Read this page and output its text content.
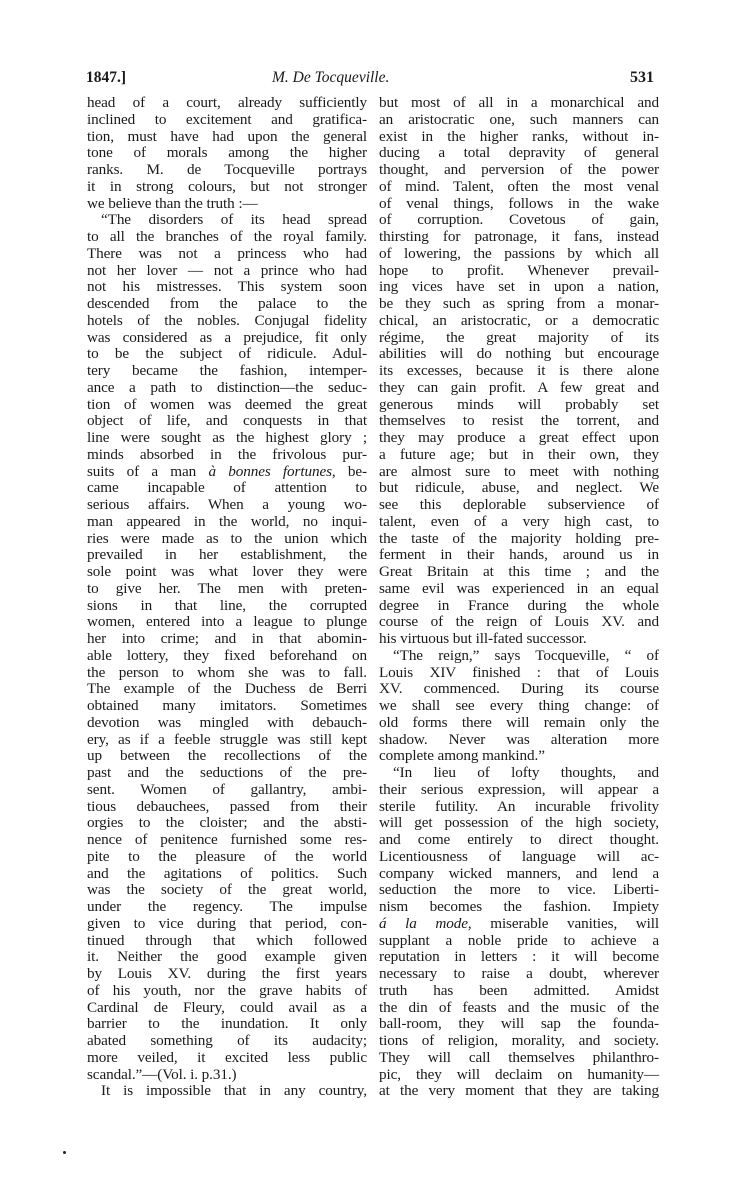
1847.]	M. De Tocqueville.	531
head of a court, already sufficiently
inclined to excitement and gratifica-
tion, must have had upon the general
tone of morals among the higher
ranks. M. de Tocqueville portrays
it in strong colours, but not stronger
we believe than the truth :—
“The disorders of its head spread
to all the branches of the royal family.
There was not a princess who had
not her lover — not a prince who had
not his mistresses. This system soon
descended from the palace to the
hotels of the nobles. Conjugal fidelity
was considered as a prejudice, fit only
to be the subject of ridicule. Adul-
tery became the fashion, intemper-
ance a path to distinction—the seduc-
tion of women was deemed the great
object of life, and conquests in that
line were sought as the highest glory ;
minds absorbed in the frivolous pur-
suits of a man à bonnes fortunes, be-
came incapable of attention to
serious affairs. When a young wo-
man appeared in the world, no inqui-
ries were made as to the union which
prevailed in her establishment, the
sole point was what lover they were
to give her. The men with preten-
sions in that line, the corrupted
women, entered into a league to plunge
her into crime; and in that abomin-
able lottery, they fixed beforehand on
the person to whom she was to fall.
The example of the Duchess de Berri
obtained many imitators. Sometimes
devotion was mingled with debauch-
ery, as if a feeble struggle was still kept
up between the recollections of the
past and the seductions of the pre-
sent. Women of gallantry, ambi-
tious debauchees, passed from their
orgies to the cloister; and the absti-
nence of penitence furnished some res-
pite to the pleasure of the world
and the agitations of politics. Such
was the society of the great world,
under the regency. The impulse
given to vice during that period, con-
tinued through that which followed
it. Neither the good example given
by Louis XV. during the first years
of his youth, nor the grave habits of
Cardinal de Fleury, could avail as a
barrier to the inundation. It only
abated something of its audacity;
more veiled, it excited less public
scandal.”—(Vol. i. p.31.)
It is impossible that in any country,
but most of all in a monarchical and
an aristocratic one, such manners can
exist in the higher ranks, without in-
ducing a total depravity of general
thought, and perversion of the power
of mind. Talent, often the most venal
of venal things, follows in the wake
of corruption. Covetous of gain,
thirsting for patronage, it fans, instead
of lowering, the passions by which all
hope to profit. Whenever prevail-
ing vices have set in upon a nation,
be they such as spring from a monar-
chical, an aristocratic, or a democratic
régime, the great majority of its
abilities will do nothing but encourage
its excesses, because it is there alone
they can gain profit. A few great and
generous minds will probably set
themselves to resist the torrent, and
they may produce a great effect upon
a future age; but in their own, they
are almost sure to meet with nothing
but ridicule, abuse, and neglect. We
see this deplorable subservience of
talent, even of a very high cast, to
the taste of the majority holding pre-
ferment in their hands, around us in
Great Britain at this time ; and the
same evil was experienced in an equal
degree in France during the whole
course of the reign of Louis XV. and
his virtuous but ill-fated successor.
“The reign,” says Tocqueville, “ of
Louis XIV finished : that of Louis
XV. commenced. During its course
we shall see every thing change: of
old forms there will remain only the
shadow. Never was alteration more
complete among mankind.”
“In lieu of lofty thoughts, and
their serious expression, will appear a
sterile futility. An incurable frivolity
will get possession of the high society,
and come entirely to direct thought.
Licentiousness of language will ac-
company wicked manners, and lend a
seduction the more to vice. Liberti-
nism becomes the fashion. Impiety
á la mode, miserable vanities, will
supplant a noble pride to achieve a
reputation in letters : it will become
necessary to raise a doubt, wherever
truth has been admitted. Amidst
the din of feasts and the music of the
ball-room, they will sap the founda-
tions of religion, morality, and society.
They will call themselves philanthro-
pic, they will declaim on humanity—
at the very moment that they are taking
